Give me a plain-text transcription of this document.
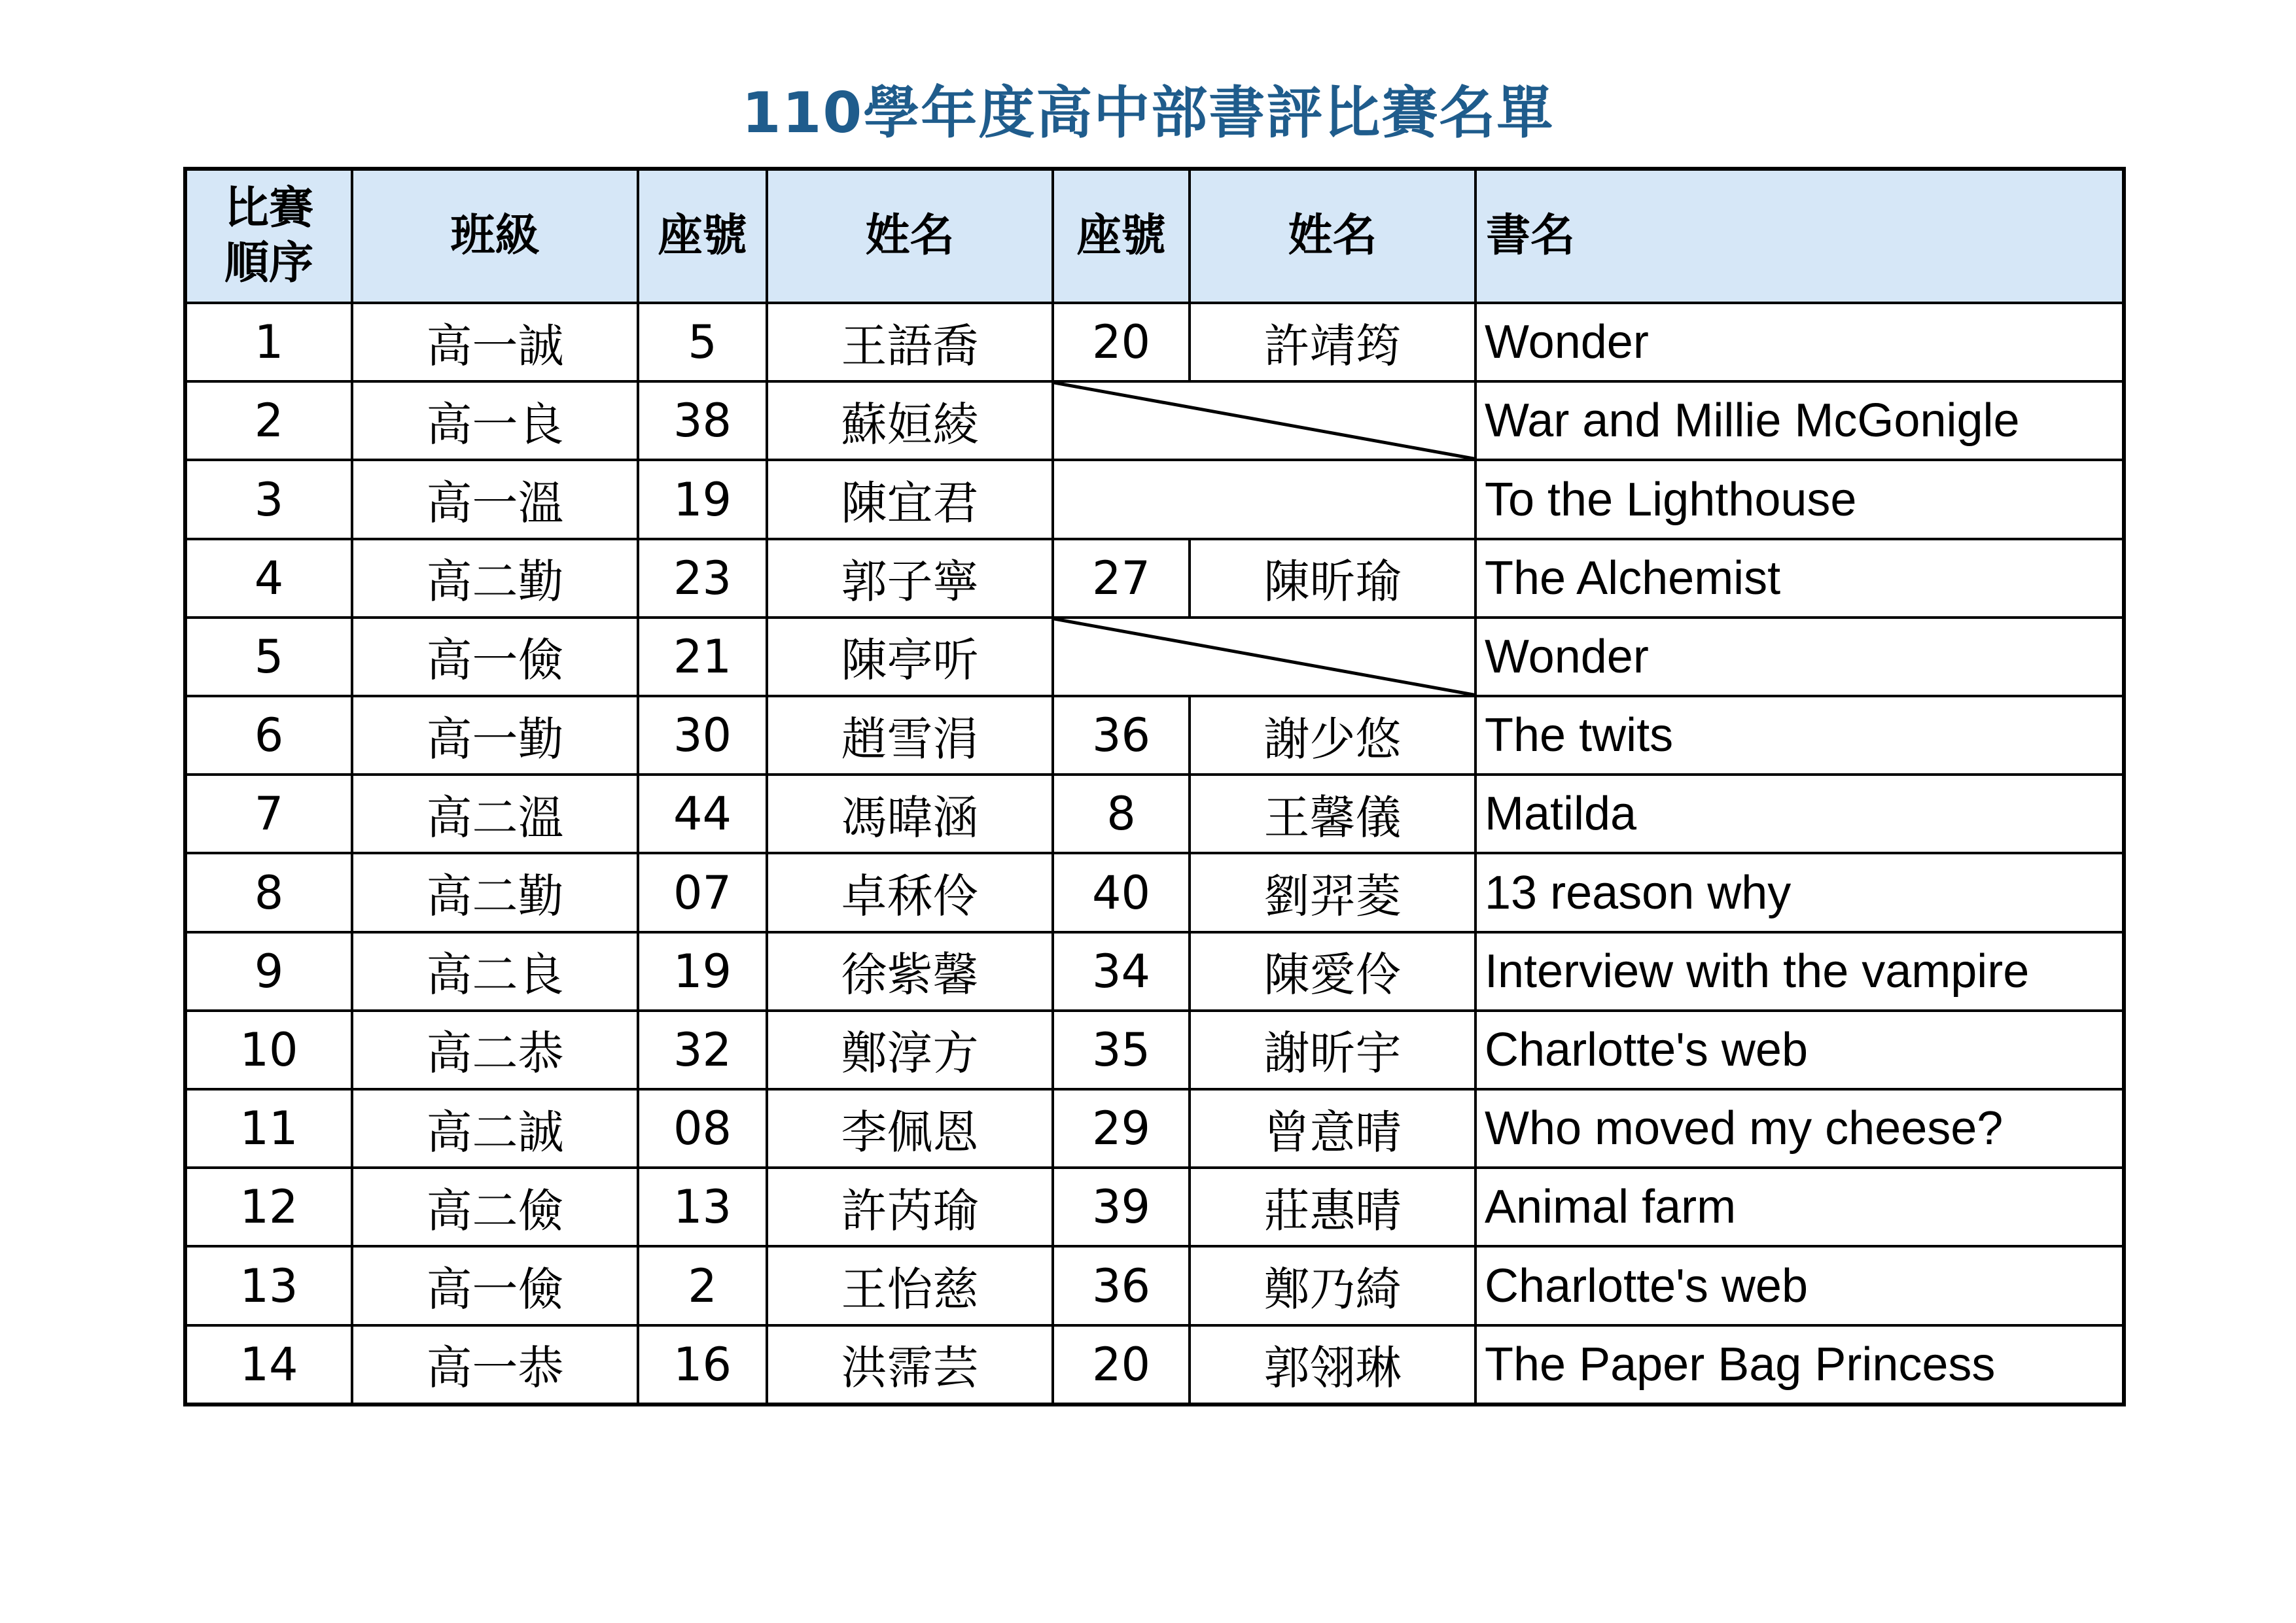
110學年度高中部書評比賽名單
比賽
順序	班級	座號	姓名	座號	姓名	書名
1	高一誠	5	王語喬	20	許靖筠	Wonder
2	高一良	38	蘇姮綾			War and Millie McGonigle
3	高一溫	19	陳宜君			To the Lighthouse
4	高二勤	23	郭子寧	27	陳昕瑜	The Alchemist
5	高一儉	21	陳亭听			Wonder
6	高一勤	30	趙雪涓	36	謝少悠	The twits
7	高二溫	44	馮暐涵	8	王馨儀	Matilda
8	高二勤	07	卓秝伶	40	劉羿菱	13 reason why
9	高二良	19	徐紫馨	34	陳愛伶	Interview with the vampire
10	高二恭	32	鄭淳方	35	謝昕宇	Charlotte's web
11	高二誠	08	李佩恩	29	曾意晴	Who moved my cheese?
12	高二儉	13	許芮瑜	39	莊惠晴	Animal farm
13	高一儉	2	王怡慈	36	鄭乃綺	Charlotte's web
14	高一恭	16	洪霈芸	20	郭翎琳	The Paper Bag Princess
